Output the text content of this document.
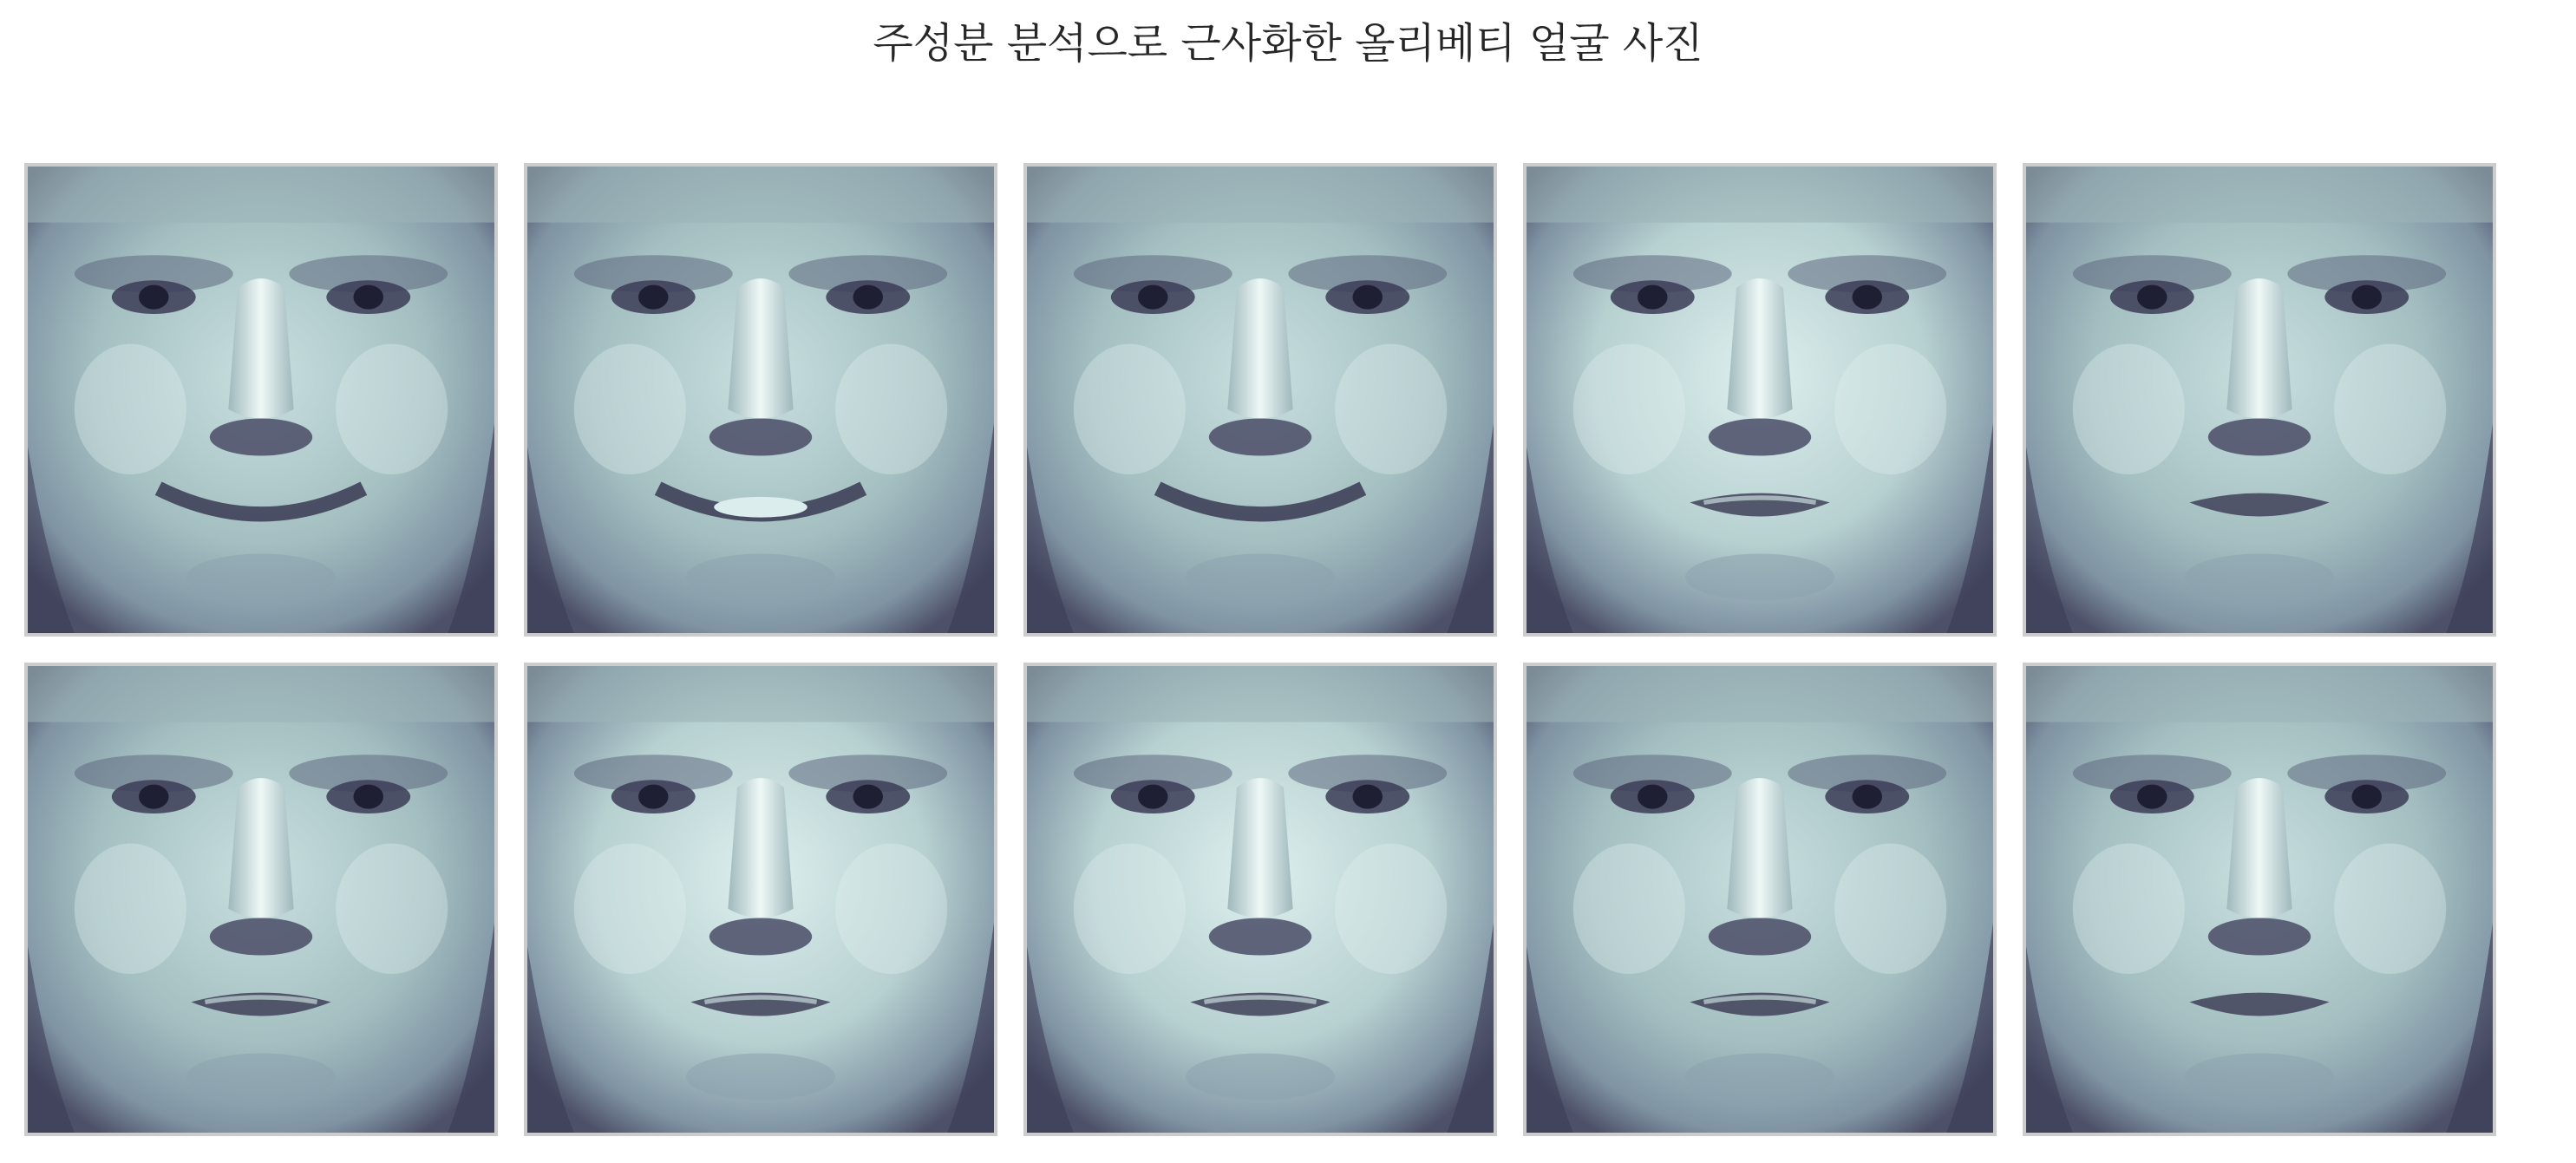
주성분 분석으로 근사화한 올리베티 얼굴 사진
